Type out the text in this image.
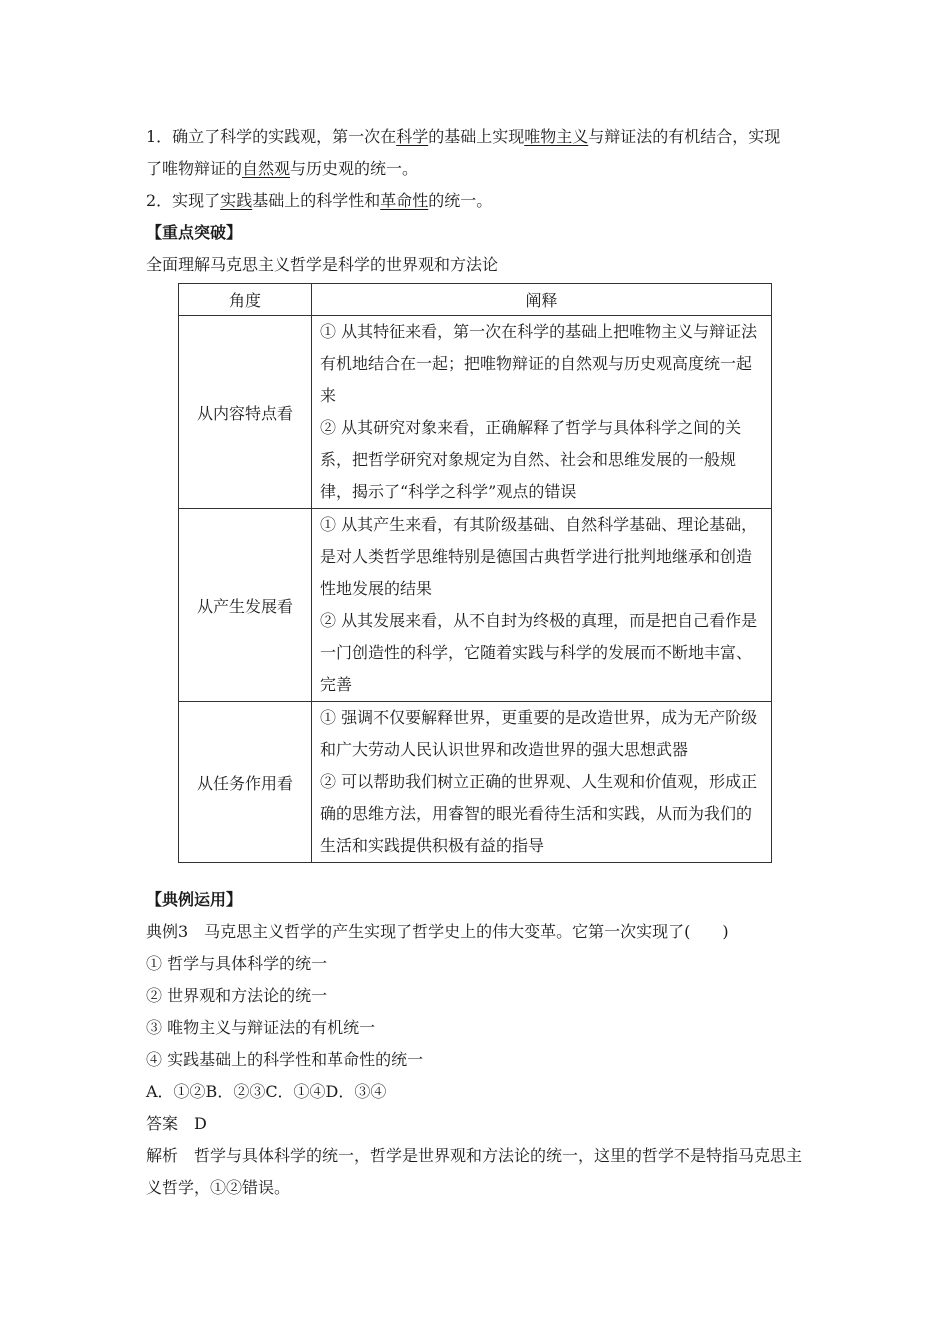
1．确立了科学的实践观，第一次在科学的基础上实现唯物主义与辩证法的有机结合，实现
了唯物辩证的自然观与历史观的统一。
2．实现了实践基础上的科学性和革命性的统一。
【重点突破】
全面理解马克思主义哲学是科学的世界观和方法论
角度	阐释
从内容特点看	① 从其特征来看，第一次在科学的基础上把唯物主义与辩证法有机地结合在一起；把唯物辩证的自然观与历史观高度统一起来

② 从其研究对象来看，正确解释了哲学与具体科学之间的关系，把哲学研究对象规定为自然、社会和思维发展的一般规律，揭示了“科学之科学”观点的错误

从产生发展看	① 从其产生来看，有其阶级基础、自然科学基础、理论基础，是对人类哲学思维特别是德国古典哲学进行批判地继承和创造性地发展的结果

② 从其发展来看，从不自封为终极的真理，而是把自己看作是一门创造性的科学，它随着实践与科学的发展而不断地丰富、完善

从任务作用看	① 强调不仅要解释世界，更重要的是改造世界，成为无产阶级和广大劳动人民认识世界和改造世界的强大思想武器

② 可以帮助我们树立正确的世界观、人生观和价值观，形成正确的思维方法，用睿智的眼光看待生活和实践，从而为我们的生活和实践提供积极有益的指导

【典例运用】
典例3　马克思主义哲学的产生实现了哲学史上的伟大变革。它第一次实现了(　　)
① 哲学与具体科学的统一
② 世界观和方法论的统一
③ 唯物主义与辩证法的有机统一
④ 实践基础上的科学性和革命性的统一
A．①②B．②③C．①④D．③④
答案　D
解析　哲学与具体科学的统一，哲学是世界观和方法论的统一，这里的哲学不是特指马克思主义哲学，①②错误。
